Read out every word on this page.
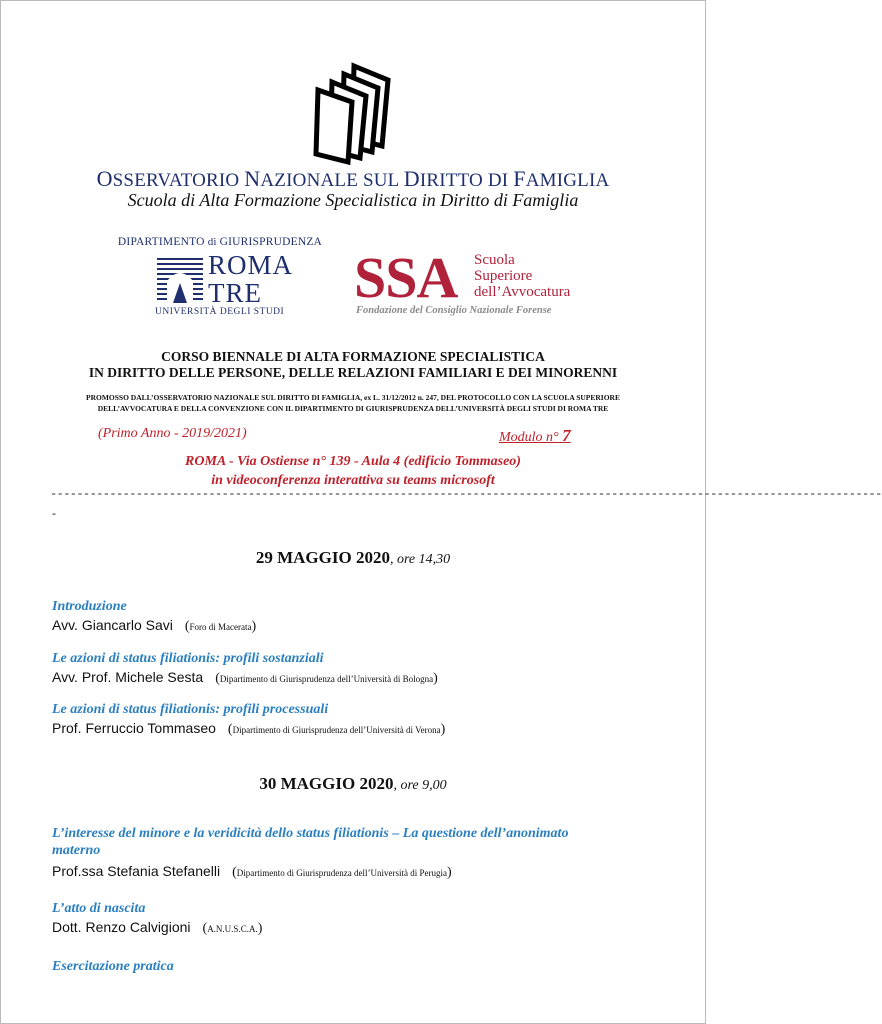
OSSERVATORIO NAZIONALE SUL DIRITTO DI FAMIGLIA
Scuola di Alta Formazione Specialistica in Diritto di Famiglia
DIPARTIMENTO di GIURISPRUDENZA
ROMA
TRE
UNIVERSITÀ DEGLI STUDI
SSA Scuola
Superiore
dell’Avvocatura
Fondazione del Consiglio Nazionale Forense
CORSO BIENNALE DI ALTA FORMAZIONE SPECIALISTICA
IN DIRITTO DELLE PERSONE, DELLE RELAZIONI FAMILIARI E DEI MINORENNI
PROMOSSO DALL’OSSERVATORIO NAZIONALE SUL DIRITTO DI FAMIGLIA, ex L. 31/12/2012 n. 247, DEL PROTOCOLLO CON LA SCUOLA SUPERIORE
DELL’AVVOCATURA E DELLA CONVENZIONE CON IL DIPARTIMENTO DI GIURISPRUDENZA DELL’UNIVERSITÀ DEGLI STUDI DI ROMA TRE
(Primo Anno - 2019/2021)	Modulo n° 7
ROMA - Via Ostiense n° 139 - Aula 4 (edificio Tommaseo)
in videoconferenza interattiva su teams microsoft
------------------------------------------------------------------------------------------------------------------------------
-
29 MAGGIO 2020, ore 14,30
Introduzione
Avv. Giancarlo Savi (Foro di Macerata)
Le azioni di status filiationis: profili sostanziali
Avv. Prof. Michele Sesta (Dipartimento di Giurisprudenza dell’Università di Bologna)
Le azioni di status filiationis: profili processuali
Prof. Ferruccio Tommaseo (Dipartimento di Giurisprudenza dell’Università di Verona)
30 MAGGIO 2020, ore 9,00
L’interesse del minore e la veridicità dello status filiationis – La questione dell’anonimato
materno
Prof.ssa Stefania Stefanelli (Dipartimento di Giurisprudenza dell’Università di Perugia)
L’atto di nascita
Dott. Renzo Calvigioni (A.N.U.S.C.A.)
Esercitazione pratica
